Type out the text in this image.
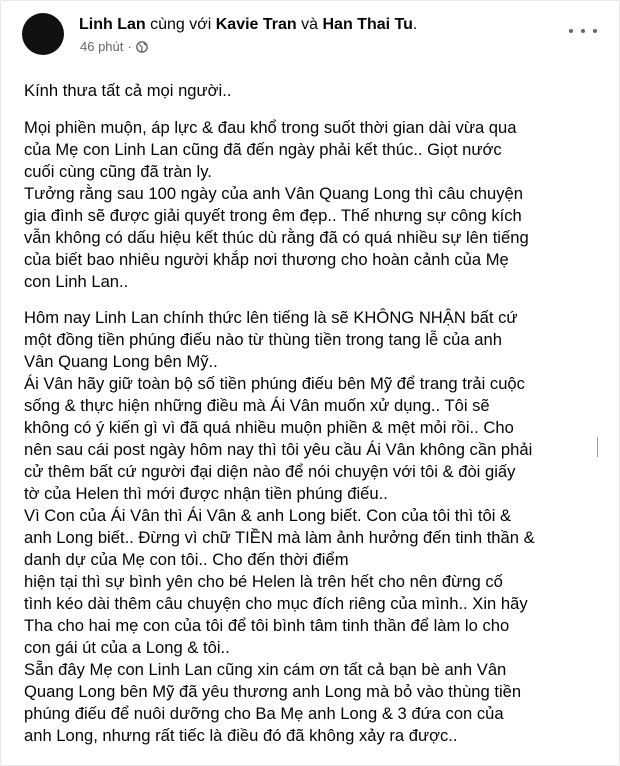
Linh Lan cùng với Kavie Tran và Han Thai Tu.
46 phút ·

Kính thưa tất cả mọi người..

Mọi phiền muộn, áp lực & đau khổ trong suốt thời gian dài vừa qua
của Mẹ con Linh Lan cũng đã đến ngày phải kết thúc.. Giọt nước
cuối cùng cũng đã tràn ly.
Tưởng rằng sau 100 ngày của anh Vân Quang Long thì câu chuyện
gia đình sẽ được giải quyết trong êm đẹp.. Thế nhưng sự công kích
vẫn không có dấu hiệu kết thúc dù rằng đã có quá nhiều sự lên tiếng
của biết bao nhiêu người khắp nơi thương cho hoàn cảnh của Mẹ
con Linh Lan..

Hôm nay Linh Lan chính thức lên tiếng là sẽ KHÔNG NHẬN bất cứ
một đồng tiền phúng điếu nào từ thùng tiền trong tang lễ của anh
Vân Quang Long bên Mỹ..
Ái Vân hãy giữ toàn bộ số tiền phúng điếu bên Mỹ để trang trải cuộc
sống & thực hiện những điều mà Ái Vân muốn xử dụng.. Tôi sẽ
không có ý kiến gì vì đã quá nhiều muộn phiền & mệt mỏi rồi.. Cho
nên sau cái post ngày hôm nay thì tôi yêu cầu Ái Vân không cần phải
cử thêm bất cứ người đại diện nào để nói chuyện với tôi & đòi giấy
tờ của Helen thì mới được nhận tiền phúng điếu..
Vì Con của Ái Vân thì Ái Vân & anh Long biết. Con của tôi thì tôi &
anh Long biết.. Đừng vì chữ TIỀN mà làm ảnh hưởng đến tinh thần &
danh dự của Mẹ con tôi.. Cho đến thời điểm
hiện tại thì sự bình yên cho bé Helen là trên hết cho nên đừng cố
tình kéo dài thêm câu chuyện cho mục đích riêng của mình.. Xin hãy
Tha cho hai mẹ con của tôi để tôi bình tâm tinh thần để làm lo cho
con gái út của a Long & tôi..
Sẵn đây Mẹ con Linh Lan cũng xin cám ơn tất cả bạn bè anh Vân
Quang Long bên Mỹ đã yêu thương anh Long mà bỏ vào thùng tiền
phúng điếu để nuôi dưỡng cho Ba Mẹ anh Long & 3 đứa con của
anh Long, nhưng rất tiếc là điều đó đã không xảy ra được..
